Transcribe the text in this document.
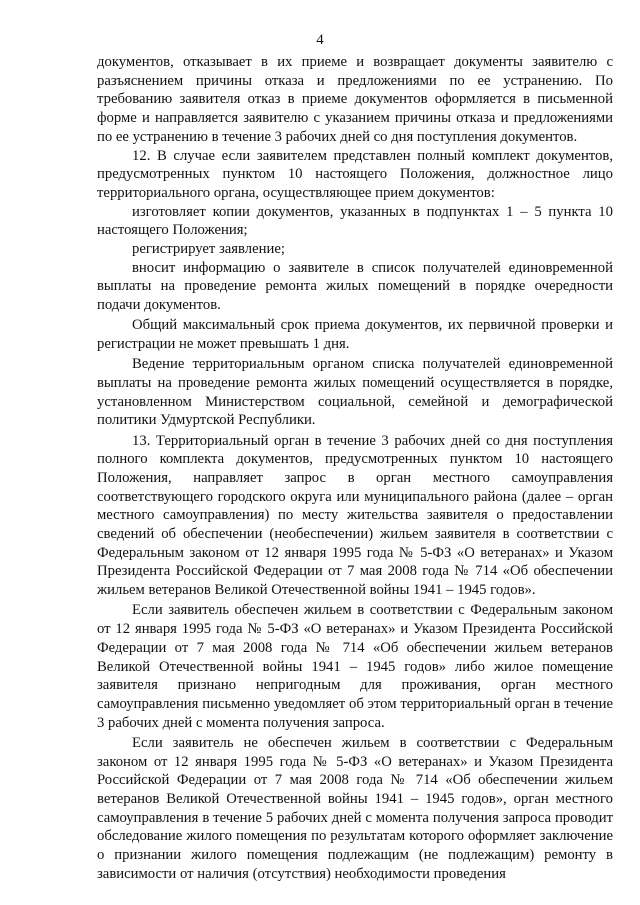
4

документов, отказывает в их приеме и возвращает документы заявителю с разъяснением причины отказа и предложениями по ее устранению. По требованию заявителя отказ в приеме документов оформляется в письменной форме и направляется заявителю с указанием причины отказа и предложениями по ее устранению в течение 3 рабочих дней со дня поступления документов.

12. В случае если заявителем представлен полный комплект документов, предусмотренных пунктом 10 настоящего Положения, должностное лицо территориального органа, осуществляющее прием документов:

изготовляет копии документов, указанных в подпунктах 1 – 5 пункта 10 настоящего Положения;

регистрирует заявление;

вносит информацию о заявителе в список получателей единовременной выплаты на проведение ремонта жилых помещений в порядке очередности подачи документов.

Общий максимальный срок приема документов, их первичной проверки и регистрации не может превышать 1 дня.

Ведение территориальным органом списка получателей единовременной выплаты на проведение ремонта жилых помещений осуществляется в порядке, установленном Министерством социальной, семейной и демографической политики Удмуртской Республики.

13. Территориальный орган в течение 3 рабочих дней со дня поступления полного комплекта документов, предусмотренных пунктом 10 настоящего Положения, направляет запрос в орган местного самоуправления соответствующего городского округа или муниципального района (далее – орган местного самоуправления) по месту жительства заявителя о предоставлении сведений об обеспечении (необеспечении) жильем заявителя в соответствии с Федеральным законом от 12 января 1995 года № 5-ФЗ «О ветеранах» и Указом Президента Российской Федерации от 7 мая 2008 года № 714 «Об обеспечении жильем ветеранов Великой Отечественной войны 1941 – 1945 годов».

Если заявитель обеспечен жильем в соответствии с Федеральным законом от 12 января 1995 года № 5-ФЗ «О ветеранах» и Указом Президента Российской Федерации от 7 мая 2008 года № 714 «Об обеспечении жильем ветеранов Великой Отечественной войны 1941 – 1945 годов» либо жилое помещение заявителя признано непригодным для проживания, орган местного самоуправления письменно уведомляет об этом территориальный орган в течение 3 рабочих дней с момента получения запроса.

Если заявитель не обеспечен жильем в соответствии с Федеральным законом от 12 января 1995 года № 5-ФЗ «О ветеранах» и Указом Президента Российской Федерации от 7 мая 2008 года № 714 «Об обеспечении жильем ветеранов Великой Отечественной войны 1941 – 1945 годов», орган местного самоуправления в течение 5 рабочих дней с момента получения запроса проводит обследование жилого помещения по результатам которого оформляет заключение о признании жилого помещения подлежащим (не подлежащим) ремонту в зависимости от наличия (отсутствия) необходимости проведения
